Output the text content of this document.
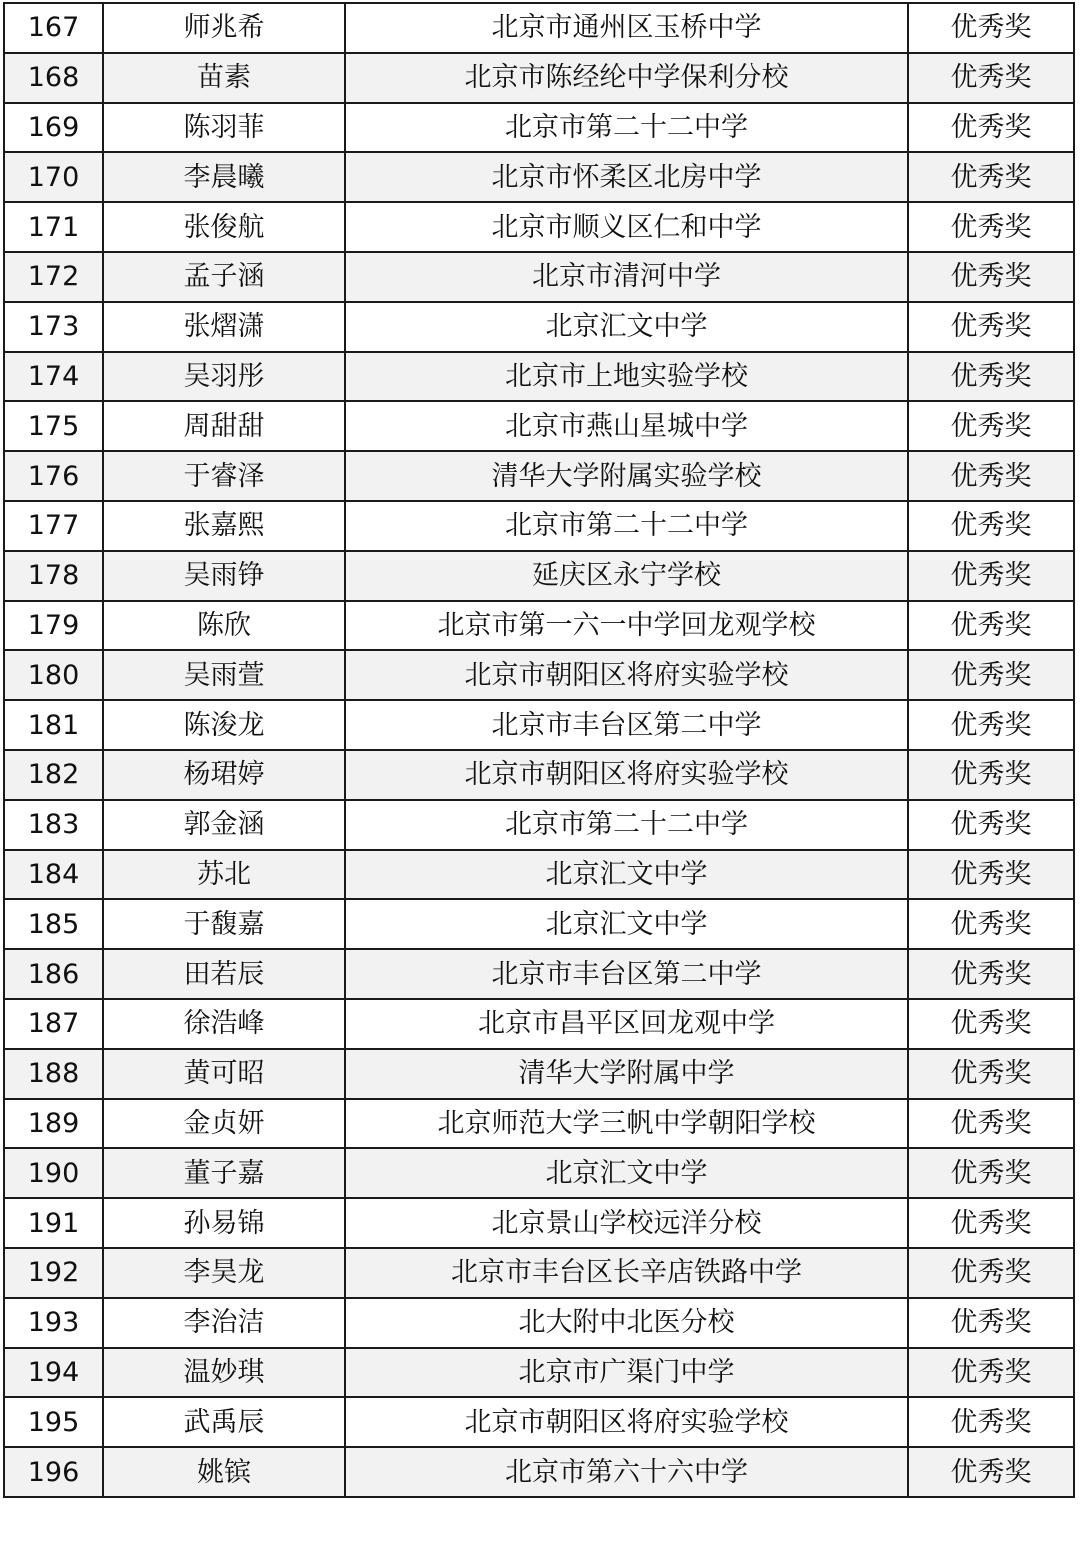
167	师兆希	北京市通州区玉桥中学	优秀奖
168	苗素	北京市陈经纶中学保利分校	优秀奖
169	陈羽菲	北京市第二十二中学	优秀奖
170	李晨曦	北京市怀柔区北房中学	优秀奖
171	张俊航	北京市顺义区仁和中学	优秀奖
172	孟子涵	北京市清河中学	优秀奖
173	张熠潇	北京汇文中学	优秀奖
174	吴羽彤	北京市上地实验学校	优秀奖
175	周甜甜	北京市燕山星城中学	优秀奖
176	于睿泽	清华大学附属实验学校	优秀奖
177	张嘉熙	北京市第二十二中学	优秀奖
178	吴雨铮	延庆区永宁学校	优秀奖
179	陈欣	北京市第一六一中学回龙观学校	优秀奖
180	吴雨萱	北京市朝阳区将府实验学校	优秀奖
181	陈浚龙	北京市丰台区第二中学	优秀奖
182	杨珺婷	北京市朝阳区将府实验学校	优秀奖
183	郭金涵	北京市第二十二中学	优秀奖
184	苏北	北京汇文中学	优秀奖
185	于馥嘉	北京汇文中学	优秀奖
186	田若辰	北京市丰台区第二中学	优秀奖
187	徐浩峰	北京市昌平区回龙观中学	优秀奖
188	黄可昭	清华大学附属中学	优秀奖
189	金贞妍	北京师范大学三帆中学朝阳学校	优秀奖
190	董子嘉	北京汇文中学	优秀奖
191	孙易锦	北京景山学校远洋分校	优秀奖
192	李昊龙	北京市丰台区长辛店铁路中学	优秀奖
193	李治洁	北大附中北医分校	优秀奖
194	温妙琪	北京市广渠门中学	优秀奖
195	武禹辰	北京市朝阳区将府实验学校	优秀奖
196	姚镔	北京市第六十六中学	优秀奖
